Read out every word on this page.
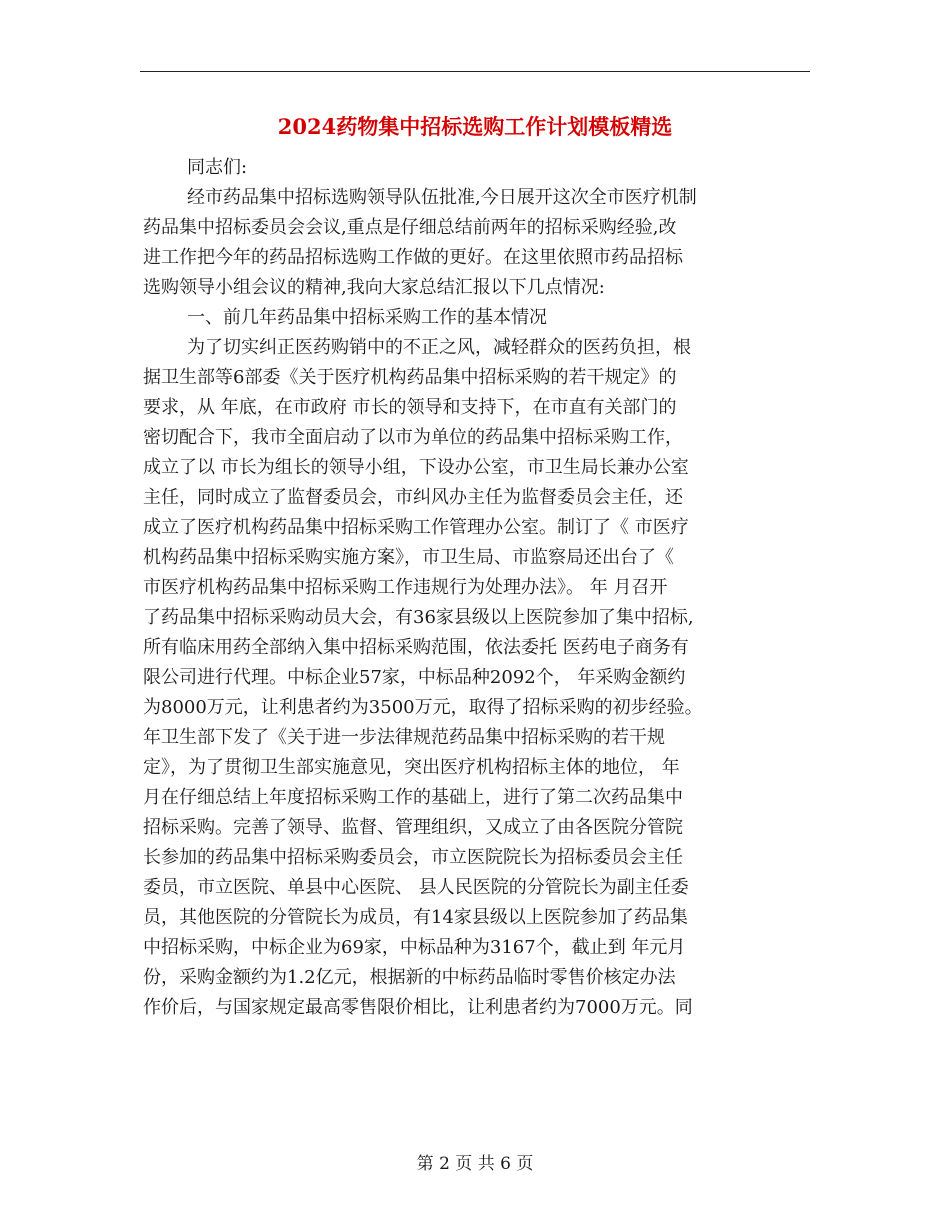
2024药物集中招标选购工作计划模板精选
同志们:
经市药品集中招标选购领导队伍批准,今日展开这次全市医疗机制
药品集中招标委员会会议,重点是仔细总结前两年的招标采购经验,改
进工作把今年的药品招标选购工作做的更好。在这里依照市药品招标
选购领导小组会议的精神,我向大家总结汇报以下几点情况:
一、前几年药品集中招标采购工作的基本情况
为了切实纠正医药购销中的不正之风，减轻群众的医药负担，根
据卫生部等6部委《关于医疗机构药品集中招标采购的若干规定》的
要求，从 年底，在市政府 市长的领导和支持下，在市直有关部门的
密切配合下，我市全面启动了以市为单位的药品集中招标采购工作，
成立了以 市长为组长的领导小组，下设办公室，市卫生局长兼办公室
主任，同时成立了监督委员会，市纠风办主任为监督委员会主任，还
成立了医疗机构药品集中招标采购工作管理办公室。制订了《 市医疗
机构药品集中招标采购实施方案》，市卫生局、市监察局还出台了《
市医疗机构药品集中招标采购工作违规行为处理办法》。 年 月召开
了药品集中招标采购动员大会，有36家县级以上医院参加了集中招标,
所有临床用药全部纳入集中招标采购范围，依法委托 医药电子商务有
限公司进行代理。中标企业57家，中标品种2092个， 年采购金额约
为8000万元，让利患者约为3500万元，取得了招标采购的初步经验。
年卫生部下发了《关于进一步法律规范药品集中招标采购的若干规
定》，为了贯彻卫生部实施意见，突出医疗机构招标主体的地位， 年
月在仔细总结上年度招标采购工作的基础上，进行了第二次药品集中
招标采购。完善了领导、监督、管理组织，又成立了由各医院分管院
长参加的药品集中招标采购委员会，市立医院院长为招标委员会主任
委员，市立医院、单县中心医院、 县人民医院的分管院长为副主任委
员，其他医院的分管院长为成员，有14家县级以上医院参加了药品集
中招标采购，中标企业为69家，中标品种为3167个，截止到 年元月
份，采购金额约为1.2亿元，根据新的中标药品临时零售价核定办法
作价后，与国家规定最高零售限价相比，让利患者约为7000万元。同
第 2 页 共 6 页
